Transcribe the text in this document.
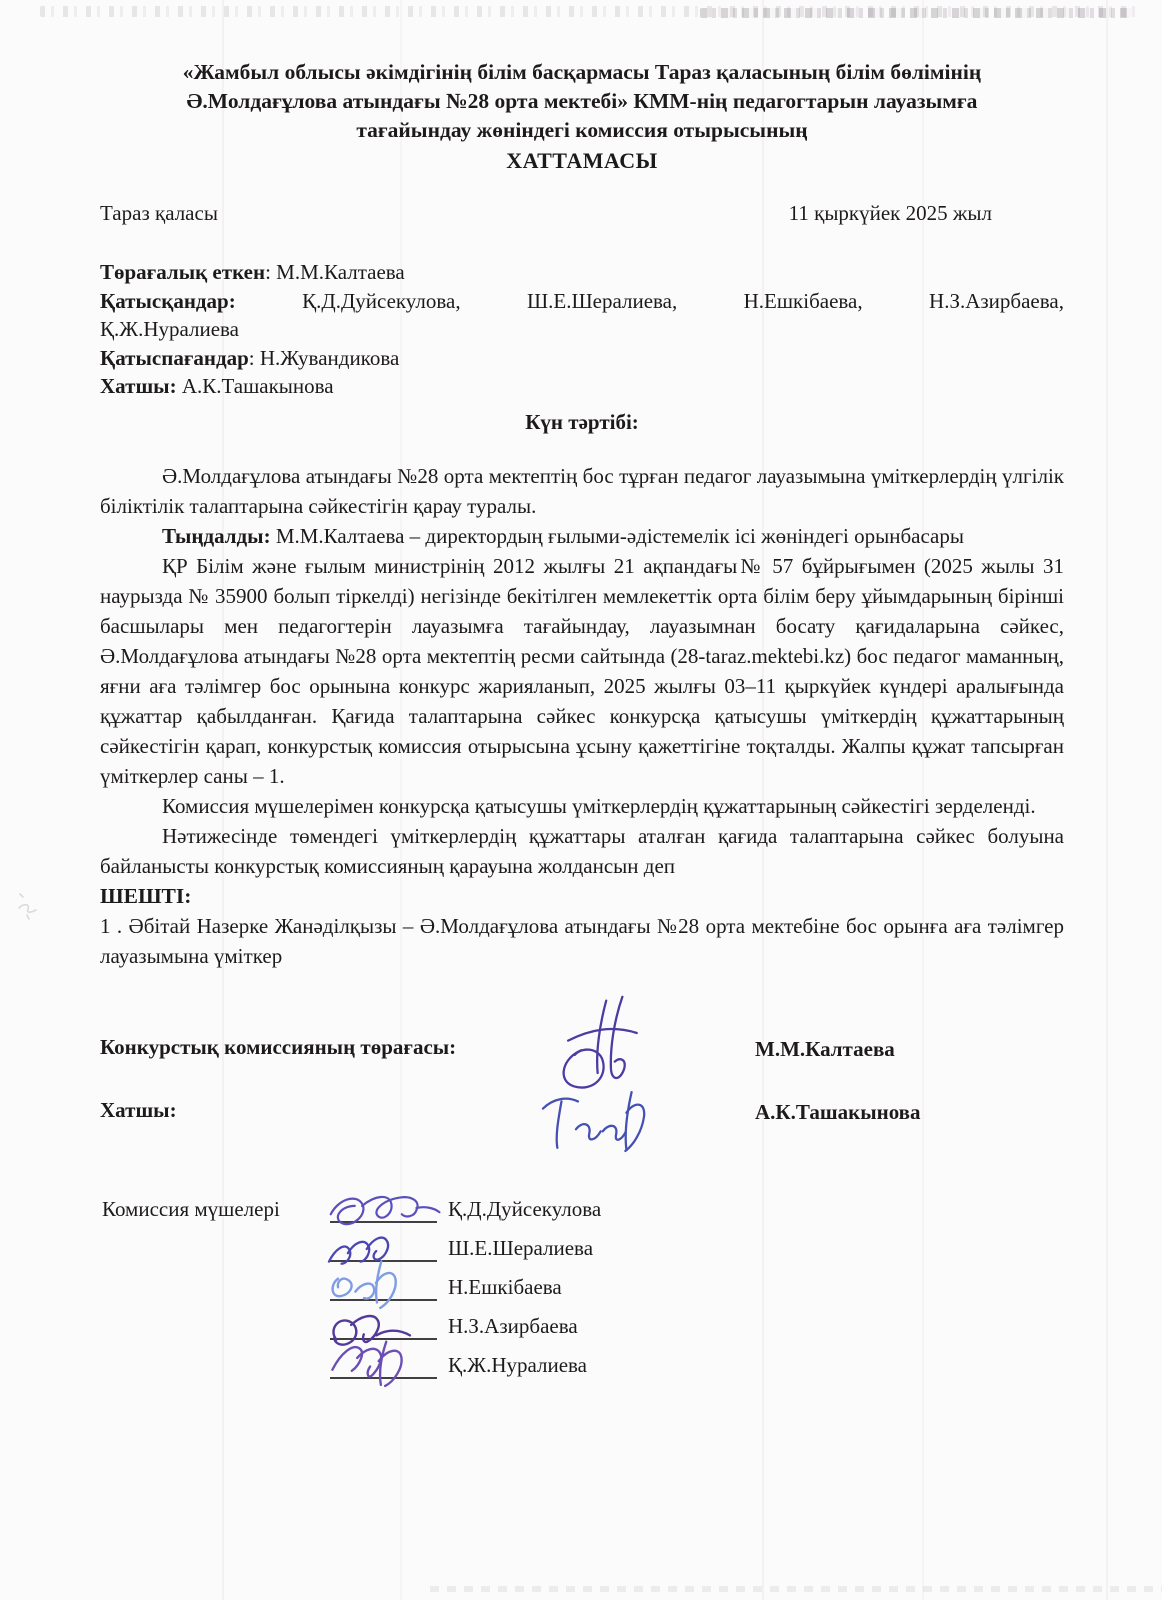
«Жамбыл облысы әкімдігінің білім басқармасы Тараз қаласының білім бөлімінің
Ә.Молдағұлова атындағы №28 орта мектебі» КММ-нің педагогтарын лауазымға
тағайындау жөніндегі комиссия отырысының
ХАТТАМАСЫ
Тараз қаласы	11 қыркүйек 2025 жыл
Төрағалық еткен: М.М.Калтаева
Қатысқандар:	Қ.Д.Дуйсекулова,	Ш.Е.Шералиева,	Н.Ешкібаева,	Н.З.Азирбаева,
Қ.Ж.Нуралиева
Қатыспағандар: Н.Жувандикова
Хатшы: А.К.Ташакынова
Күн тәртібі:

Ә.Молдағұлова атындағы №28 орта мектептің бос тұрған педагог лауазымына үміткерлердің үлгілік біліктілік талаптарына сәйкестігін қарау туралы.

Тыңдалды: М.М.Калтаева – директордың ғылыми-әдістемелік ісі жөніндегі орынбасары

ҚР Білім және ғылым министрінің 2012 жылғы 21 ақпандағы№ 57 бұйрығымен (2025 жылы 31 наурызда № 35900 болып тіркелді) негізінде бекітілген мемлекеттік орта білім беру ұйымдарының бірінші басшылары мен педагогтерін лауазымға тағайындау, лауазымнан босату қағидаларына сәйкес, Ә.Молдағұлова атындағы №28 орта мектептің ресми сайтында (28-taraz.mektebi.kz) бос педагог маманның, яғни аға тәлімгер бос орынына конкурс жарияланып, 2025 жылғы 03–11 қыркүйек күндері аралығында құжаттар қабылданған. Қағида талаптарына сәйкес конкурсқа қатысушы үміткердің құжаттарының сәйкестігін қарап, конкурстық комиссия отырысына ұсыну қажеттігіне тоқталды. Жалпы құжат тапсырған үміткерлер саны – 1.

Комиссия мүшелерімен конкурсқа қатысушы үміткерлердің құжаттарының сәйкестігі зерделенді.

Нәтижесінде төмендегі үміткерлердің құжаттары аталған қағида талаптарына сәйкес болуына байланысты конкурстық комиссияның қарауына жолдансын деп

ШЕШТІ:

1 . Әбітай Назерке Жанәділқызы – Ә.Молдағұлова атындағы №28 орта мектебіне бос орынға аға тәлімгер лауазымына үміткер

Конкурстық комиссияның төрағасы:	М.М.Калтаева
Хатшы:	А.К.Ташакынова
Комиссия мүшелері	Қ.Д.Дуйсекулова
Ш.Е.Шералиева
Н.Ешкібаева
Н.З.Азирбаева
Қ.Ж.Нуралиева
